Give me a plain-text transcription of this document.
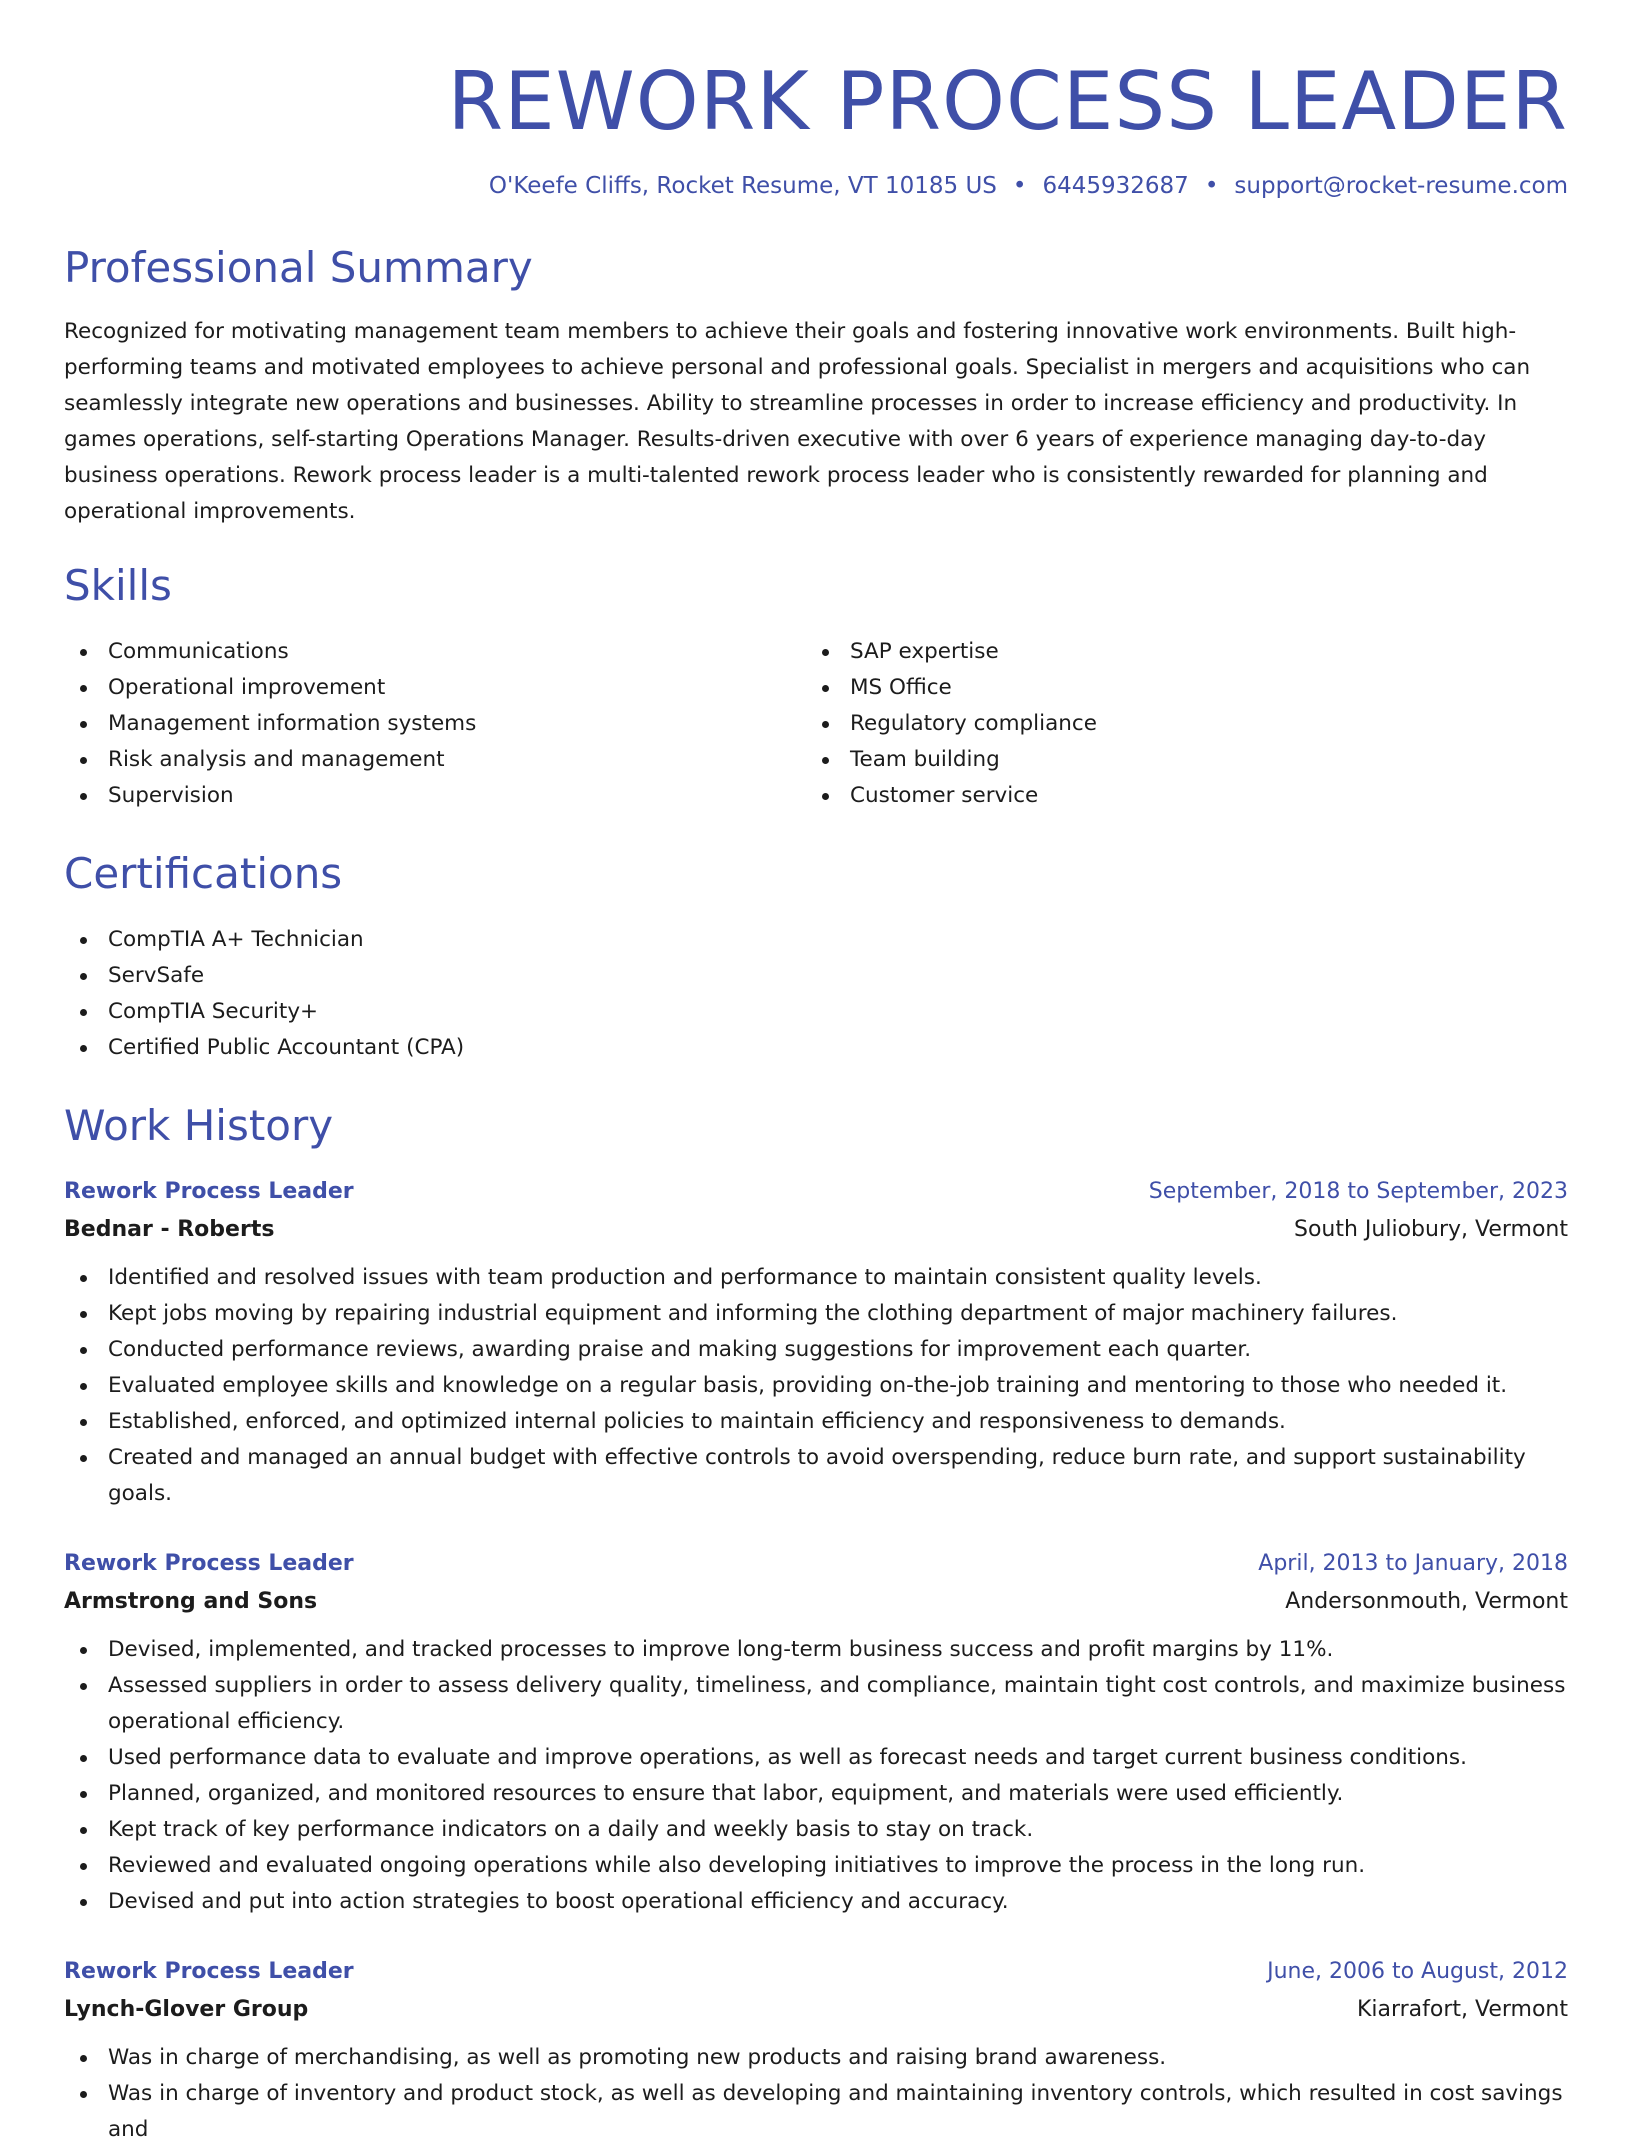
REWORK PROCESS LEADER
O'Keefe Cliffs, Rocket Resume, VT 10185 US • 6445932687 • support@rocket-resume.com
Professional Summary

Recognized for motivating management team members to achieve their goals and fostering innovative work environments. Built high-performing teams and motivated employees to achieve personal and professional goals. Specialist in mergers and acquisitions who can seamlessly integrate new operations and businesses. Ability to streamline processes in order to increase efficiency and productivity. In games operations, self-starting Operations Manager. Results-driven executive with over 6 years of experience managing day-to-day business operations. Rework process leader is a multi-talented rework process leader who is consistently rewarded for planning and operational improvements.

Skills
Communications
Operational improvement
Management information systems
Risk analysis and management
Supervision
SAP expertise
MS Office
Regulatory compliance
Team building
Customer service
Certifications
CompTIA A+ Technician
ServSafe
CompTIA Security+
Certified Public Accountant (CPA)
Work History
Rework Process Leader	September, 2018 to September, 2023
Bednar - Roberts	South Juliobury, Vermont
Identified and resolved issues with team production and performance to maintain consistent quality levels.
Kept jobs moving by repairing industrial equipment and informing the clothing department of major machinery failures.
Conducted performance reviews, awarding praise and making suggestions for improvement each quarter.
Evaluated employee skills and knowledge on a regular basis, providing on-the-job training and mentoring to those who needed it.
Established, enforced, and optimized internal policies to maintain efficiency and responsiveness to demands.
Created and managed an annual budget with effective controls to avoid overspending, reduce burn rate, and support sustainability goals.
Rework Process Leader	April, 2013 to January, 2018
Armstrong and Sons	Andersonmouth, Vermont
Devised, implemented, and tracked processes to improve long-term business success and profit margins by 11%.
Assessed suppliers in order to assess delivery quality, timeliness, and compliance, maintain tight cost controls, and maximize business operational efficiency.
Used performance data to evaluate and improve operations, as well as forecast needs and target current business conditions.
Planned, organized, and monitored resources to ensure that labor, equipment, and materials were used efficiently.
Kept track of key performance indicators on a daily and weekly basis to stay on track.
Reviewed and evaluated ongoing operations while also developing initiatives to improve the process in the long run.
Devised and put into action strategies to boost operational efficiency and accuracy.
Rework Process Leader	June, 2006 to August, 2012
Lynch-Glover Group	Kiarrafort, Vermont
Was in charge of merchandising, as well as promoting new products and raising brand awareness.
Was in charge of inventory and product stock, as well as developing and maintaining inventory controls, which resulted in cost savings and
